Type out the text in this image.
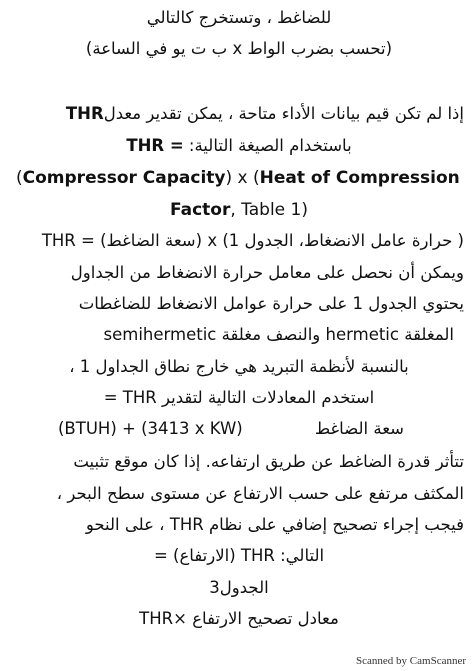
للضاغط ، وتستخرج كالتالي
(تحسب بضرب الواط x ب ت يو في الساعة)
إذا لم تكن قيم بيانات الأداء متاحة ، يمكن تقدير معدلTHR
باستخدام الصيغة التالية: THR =
(Compressor Capacity) x (Heat of Compression
Factor, Table 1)
( حرارة عامل الانضغاط، الجدول 1) x (سعة الضاغط) = THR
ويمكن أن نحصل على معامل حرارة الانضغاط من الجداول
يحتوي الجدول 1 على حرارة عوامل الانضغاط للضاغطات
المغلقة hermetic والنصف مغلقة semihermetic
بالنسبة لأنظمة التبريد هي خارج نطاق الجداول 1 ،
استخدم المعادلات التالية لتقدير THR =
(BTUH) + (3413 x KW)	سعة الضاغط
تتأثر قدرة الضاغط عن طريق ارتفاعه. إذا كان موقع تثبيت
المكثف مرتفع على حسب الارتفاع عن مستوى سطح البحر ،
فيجب إجراء تصحيح إضافي على نظام THR ، على النحو
التالي: THR (الارتفاع) =
الجدول3
معادل تصحيح الارتفاع ×THR
Scanned by CamScanner
